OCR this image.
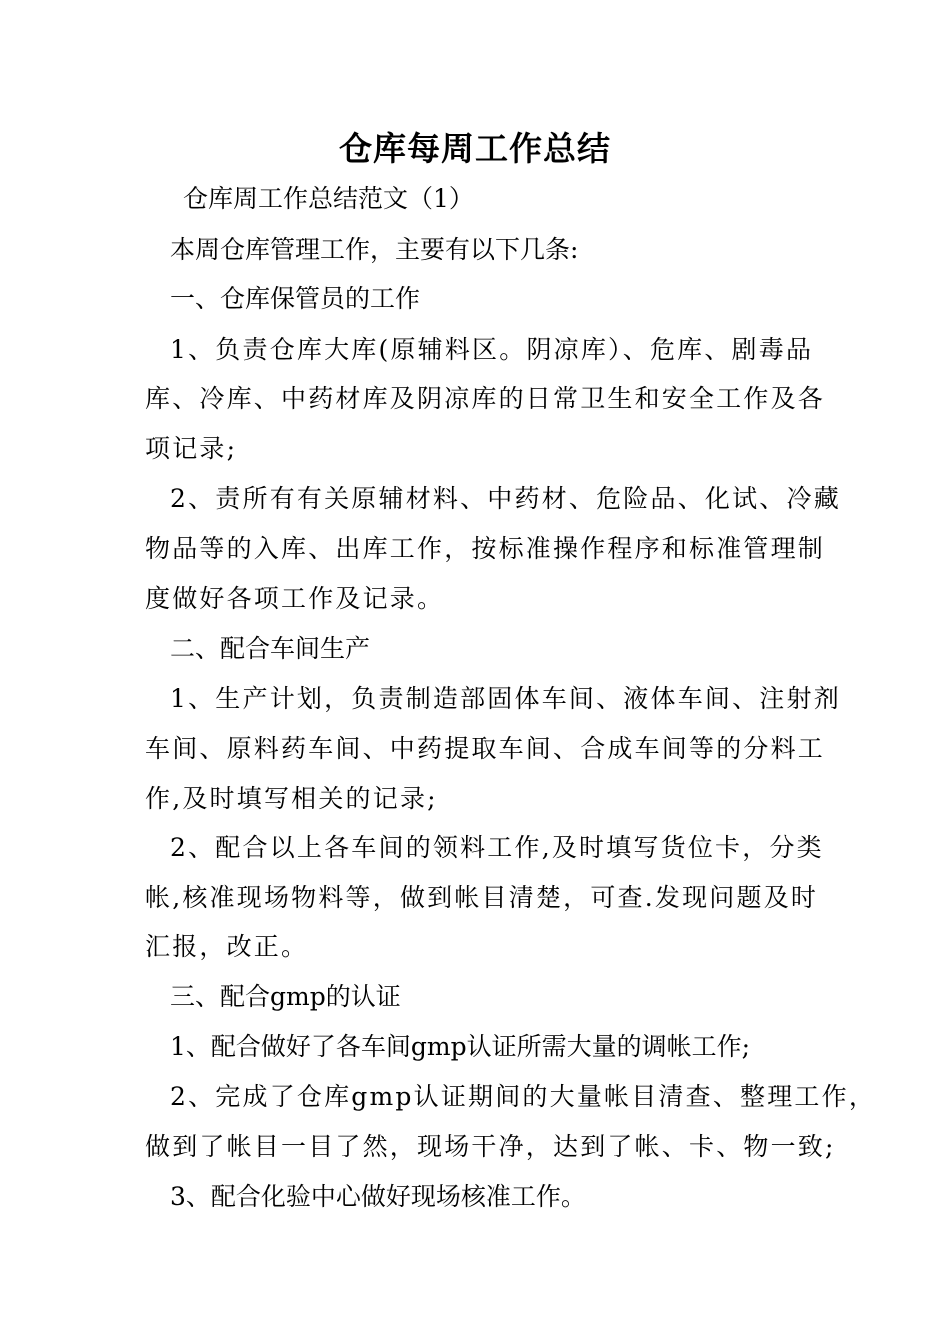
仓库每周工作总结
仓库周工作总结范文（1）
本周仓库管理工作，主要有以下几条:
一、仓库保管员的工作
1、负责仓库大库(原辅料区。阴凉库）、危库、剧毒品
库、冷库、中药材库及阴凉库的日常卫生和安全工作及各
项记录;
2、责所有有关原辅材料、中药材、危险品、化试、冷藏
物品等的入库、出库工作，按标准操作程序和标准管理制
度做好各项工作及记录。
二、配合车间生产
1、生产计划，负责制造部固体车间、液体车间、注射剂
车间、原料药车间、中药提取车间、合成车间等的分料工
作,及时填写相关的记录;
2、配合以上各车间的领料工作,及时填写货位卡，分类
帐,核准现场物料等，做到帐目清楚，可查.发现问题及时
汇报，改正。
三、配合gmp的认证
1、配合做好了各车间gmp认证所需大量的调帐工作;
2、完成了仓库gmp认证期间的大量帐目清查、整理工作，
做到了帐目一目了然，现场干净，达到了帐、卡、物一致;
3、配合化验中心做好现场核准工作。
